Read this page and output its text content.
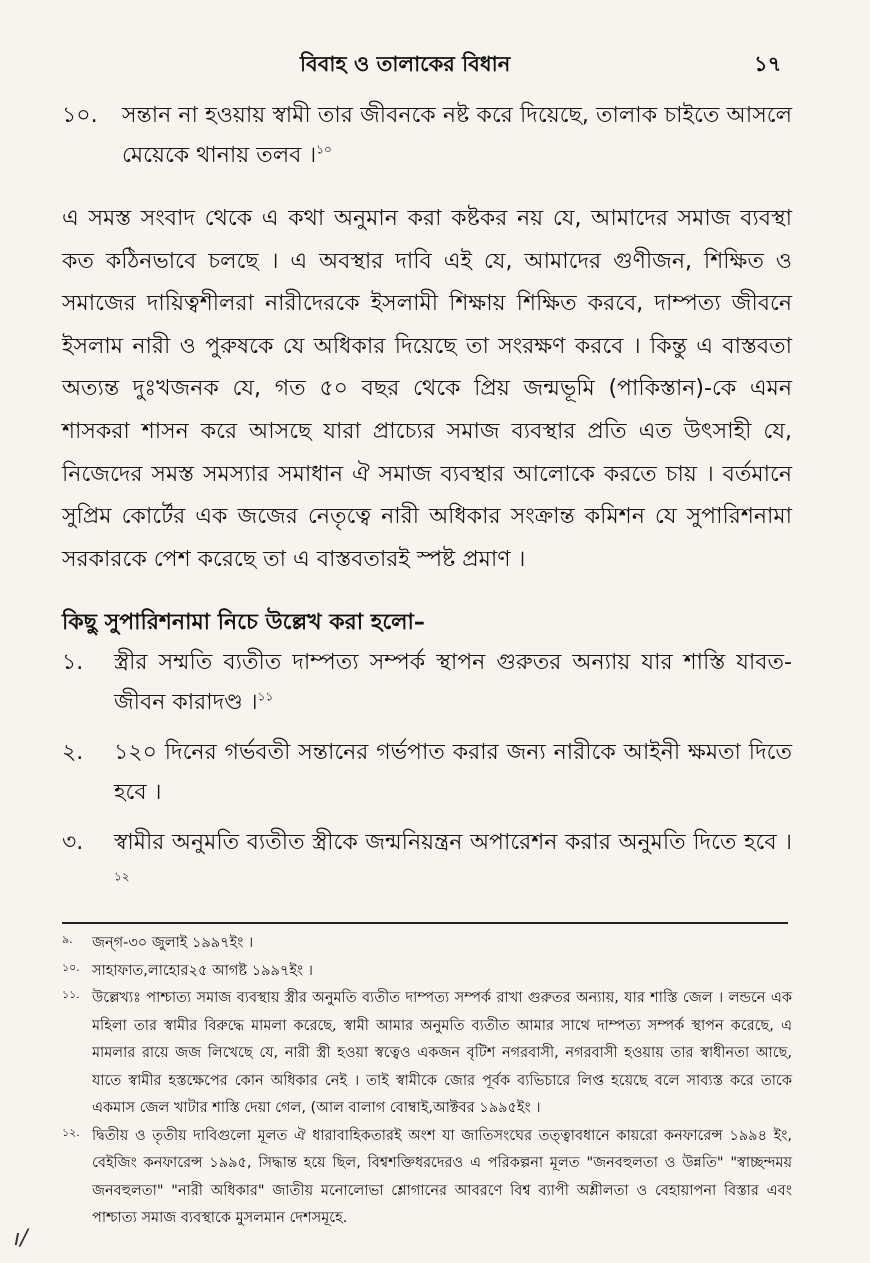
বিবাহ ও তালাকের বিধান	১৭
১০.	সন্তান না হওয়ায় স্বামী তার জীবনকে নষ্ট করে দিয়েছে, তালাক চাইতে আসলে মেয়েকে থানায় তলব ।$^{১০}$

এ সমস্ত সংবাদ থেকে এ কথা অনুমান করা কষ্টকর নয় যে, আমাদের সমাজ ব্যবস্থা কত কঠিনভাবে চলছে । এ অবস্থার দাবি এই যে, আমাদের গুণীজন, শিক্ষিত ও সমাজের দায়িত্বশীলরা নারীদেরকে ইসলামী শিক্ষায় শিক্ষিত করবে, দাম্পত্য জীবনে ইসলাম নারী ও পুরুষকে যে অধিকার দিয়েছে তা সংরক্ষণ করবে । কিন্তু এ বাস্তবতা অত্যন্ত দুঃখজনক যে, গত ৫০ বছর থেকে প্রিয় জন্মভূমি (পাকিস্তান)-কে এমন শাসকরা শাসন করে আসছে যারা প্রাচ্যের সমাজ ব্যবস্থার প্রতি এত উৎসাহী যে, নিজেদের সমস্ত সমস্যার সমাধান ঐ সমাজ ব্যবস্থার আলোকে করতে চায় । বর্তমানে সুপ্রিম কোর্টের এক জজের নেতৃত্বে নারী অধিকার সংক্রান্ত কমিশন যে সুপারিশনামা সরকারকে পেশ করেছে তা এ বাস্তবতারই স্পষ্ট প্রমাণ ।

কিছু সুপারিশনামা নিচে উল্লেখ করা হলো–
১.	স্ত্রীর সম্মতি ব্যতীত দাম্পত্য সম্পর্ক স্থাপন গুরুতর অন্যায় যার শাস্তি যাবত-জীবন কারাদণ্ড ।$^{১১}$
২.	১২০ দিনের গর্ভবতী সন্তানের গর্ভপাত করার জন্য নারীকে আইনী ক্ষমতা দিতে হবে ।
৩.	স্বামীর অনুমতি ব্যতীত স্ত্রীকে জন্মনিয়ন্ত্রন অপারেশন করার অনুমতি দিতে হবে ।$^{১২}$
৯.	জন্গ-৩০ জুলাই ১৯৯৭ইং ।
১০. সাহাফাত,লাহোর২৫ আগষ্ট ১৯৯৭ইং ।
১১. উল্লেখ্যঃ পাশ্চাত্য সমাজ ব্যবস্থায় স্ত্রীর অনুমতি ব্যতীত দাম্পত্য সম্পর্ক রাখা গুরুতর অন্যায়, যার শাস্তি জেল । লন্ডনে এক মহিলা তার স্বামীর বিরুদ্ধে মামলা করেছে, স্বামী আমার অনুমতি ব্যতীত আমার সাথে দাম্পত্য সম্পর্ক স্থাপন করেছে, এ মামলার রায়ে জজ লিখেছে যে, নারী স্ত্রী হওয়া স্বত্বেও একজন বৃটিশ নগরবাসী, নগরবাসী হওয়ায় তার স্বাধীনতা আছে, যাতে স্বামীর হস্তক্ষেপের কোন অধিকার নেই । তাই স্বামীকে জোর পূর্বক ব্যভিচারে লিপ্ত হয়েছে বলে সাব্যস্ত করে তাকে একমাস জেল খাটার শাস্তি দেয়া গেল, (আল বালাগ বোম্বাই,আক্টবর ১৯৯৫ইং ।
১২. দ্বিতীয় ও তৃতীয় দাবিগুলো মূলত ঐ ধারাবাহিকতারই অংশ যা জাতিসংঘের তত্ত্বাবধানে কায়রো কনফারেন্স ১৯৯৪ ইং, বেইজিং কনফারেন্স ১৯৯৫, সিদ্ধান্ত হয়ে ছিল, বিশ্বশক্তিধরদেরও এ পরিকল্পনা মূলত "জনবহুলতা ও উন্নতি" "স্বাচ্ছন্দময় জনবহুলতা" "নারী অধিকার" জাতীয় মনোলোভা শ্লোগানের আবরণে বিশ্ব ব্যাপী অশ্লীলতা ও বেহায়াপনা বিস্তার এবং পাশ্চাত্য সমাজ ব্যবস্থাকে মুসলমান দেশসমূহে.
ı/
